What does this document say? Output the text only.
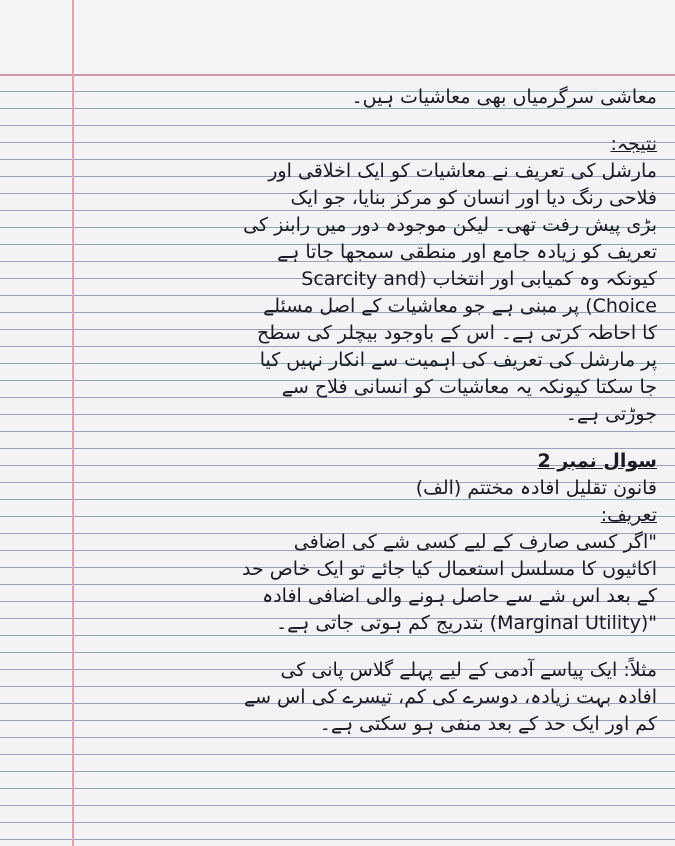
معاشی سرگرمیاں بھی معاشیات ہیں۔
نتیجہ:
مارشل کی تعریف نے معاشیات کو ایک اخلاقی اور
فلاحی رنگ دیا اور انسان کو مرکز بنایا، جو ایک
بڑی پیش رفت تھی۔ لیکن موجودہ دور میں رابنز کی
تعریف کو زیادہ جامع اور منطقی سمجھا جاتا ہے
کیونکہ وہ کمیابی اور انتخاب (Scarcity and
Choice) پر مبنی ہے جو معاشیات کے اصل مسئلے
کا احاطہ کرتی ہے۔ اس کے باوجود بیچلر کی سطح
پر مارشل کی تعریف کی اہمیت سے انکار نہیں کیا
جا سکتا کیونکہ یہ معاشیات کو انسانی فلاح سے
جوڑتی ہے۔
سوال نمبر 2
قانون تقلیل افادہ مختتم (الف)
تعریف:
"اگر کسی صارف کے لیے کسی شے کی اضافی
اکائیوں کا مسلسل استعمال کیا جائے تو ایک خاص حد
کے بعد اس شے سے حاصل ہونے والی اضافی افادہ
"(Marginal Utility) بتدریج کم ہوتی جاتی ہے۔
مثلاً: ایک پیاسے آدمی کے لیے پہلے گلاس پانی کی
افادہ بہت زیادہ، دوسرے کی کم، تیسرے کی اس سے
کم اور ایک حد کے بعد منفی ہو سکتی ہے۔
